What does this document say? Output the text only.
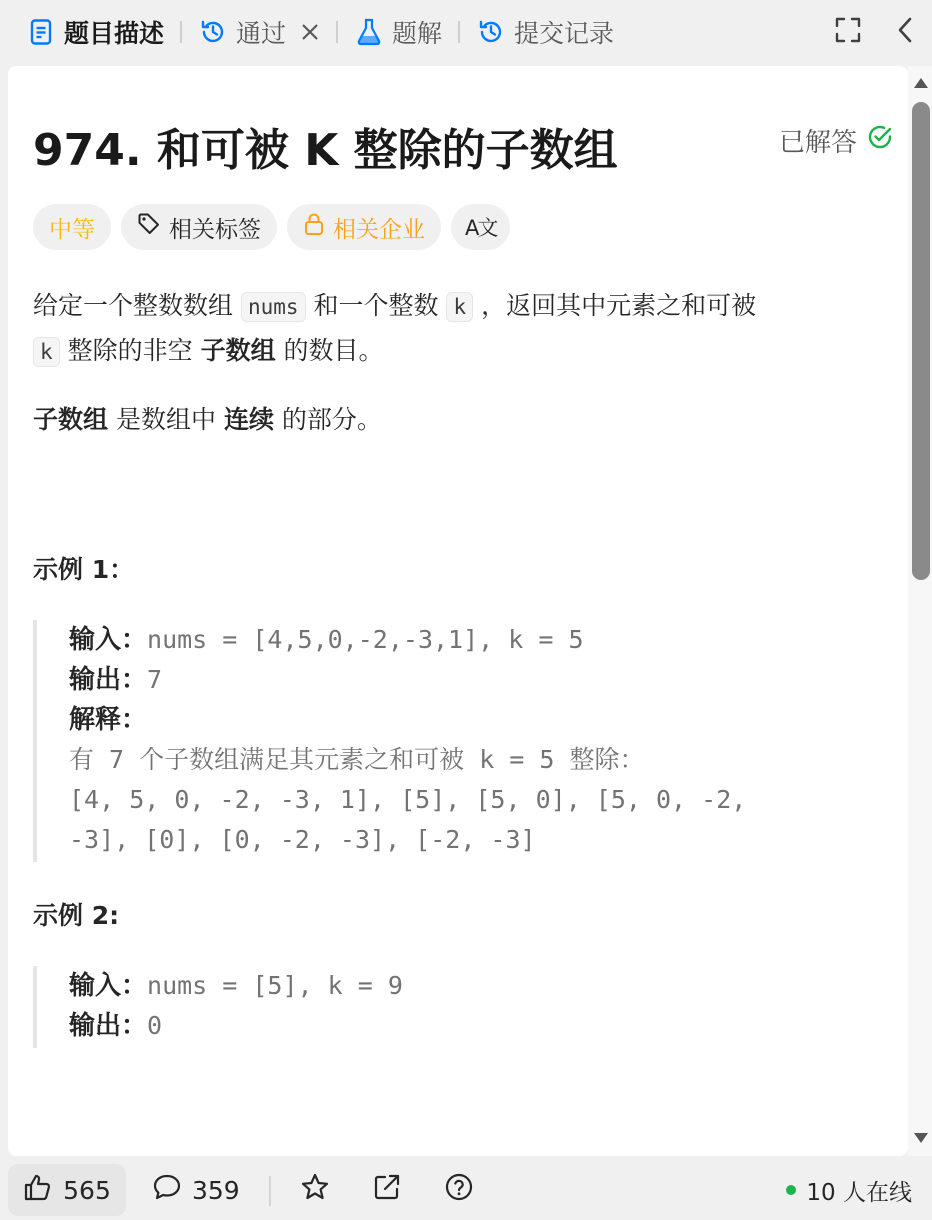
题目描述	通过	题解	提交记录
974. 和可被 K 整除的子数组	已解答
中等	相关标签	相关企业 A文

给定一个整数数组 nums 和一个整数 k ，返回其中元素之和可被
k 整除的非空 子数组 的数目。

子数组 是数组中 连续 的部分。

示例 1：
输入：nums = [4,5,0,-2,-3,1], k = 5
输出：7
解释：
有 7 个子数组满足其元素之和可被 k = 5 整除：
[4, 5, 0, -2, -3, 1], [5], [5, 0], [5, 0, -2,
-3], [0], [0, -2, -3], [-2, -3]
示例 2:
输入：nums = [5], k = 9
输出：0
565	359	10 人在线
